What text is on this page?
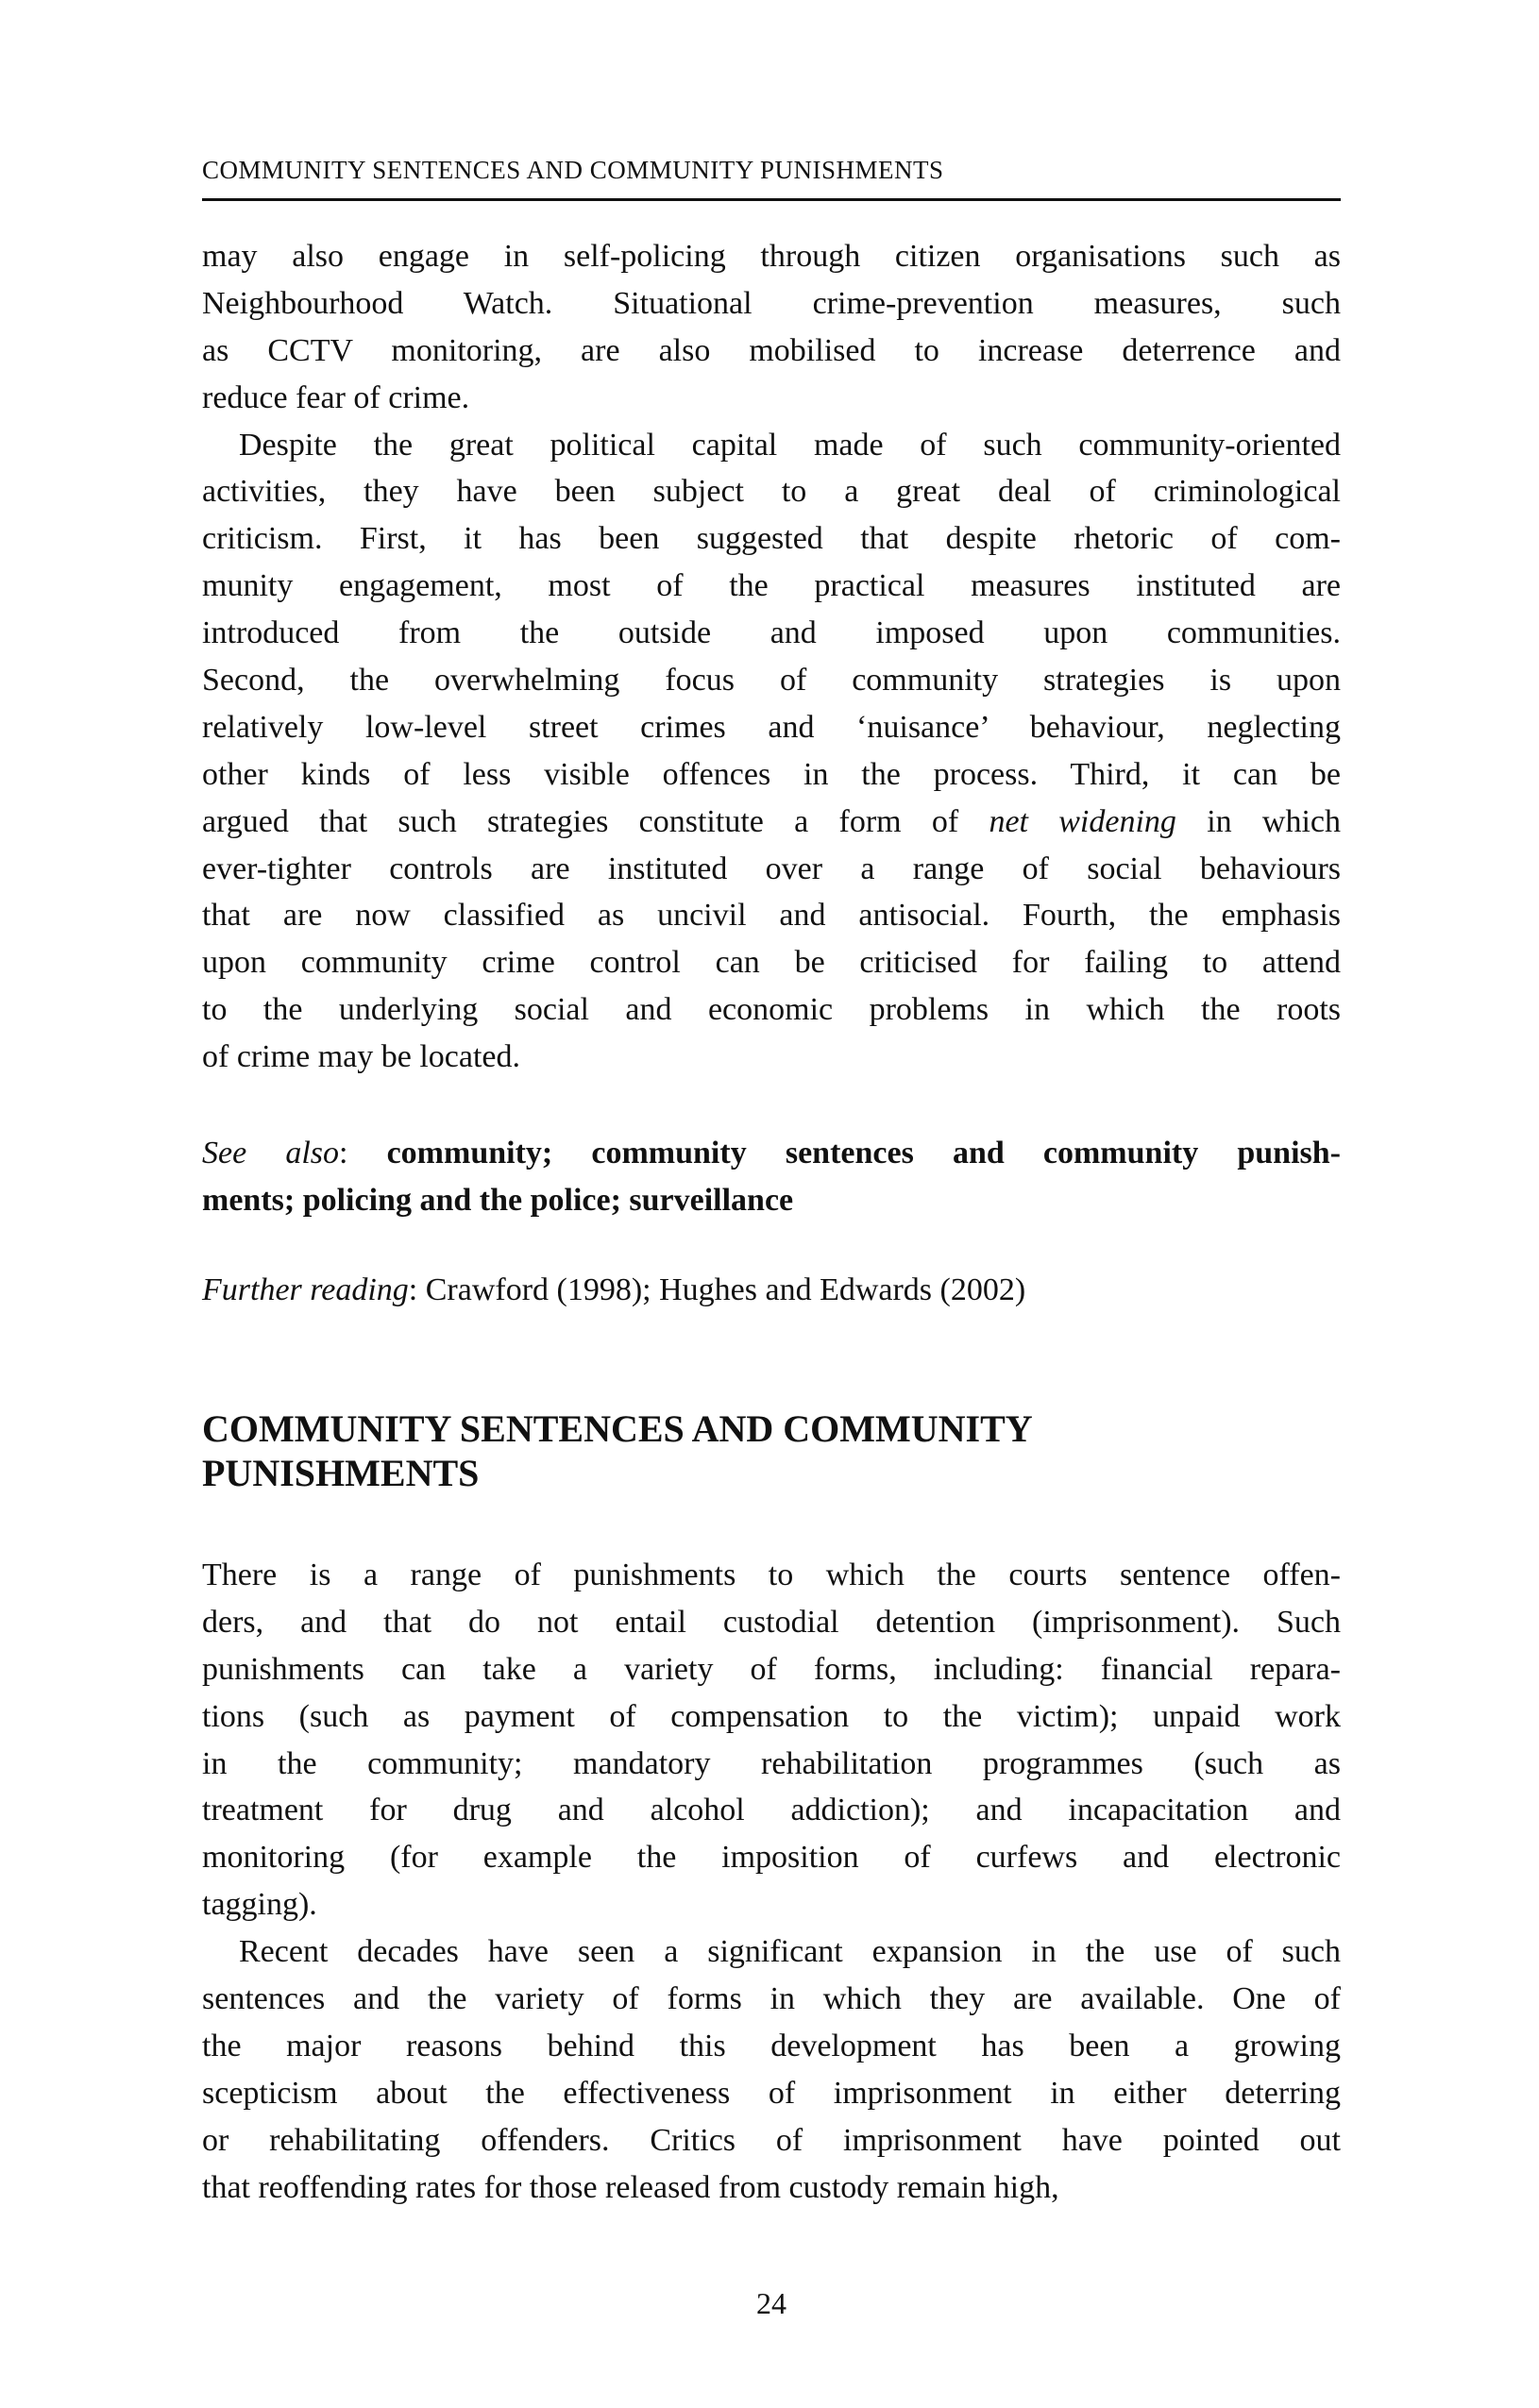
COMMUNITY SENTENCES AND COMMUNITY PUNISHMENTS
may also engage in self-policing through citizen organisations such as
Neighbourhood Watch. Situational crime-prevention measures, such
as CCTV monitoring, are also mobilised to increase deterrence and
reduce fear of crime.
Despite the great political capital made of such community-oriented
activities, they have been subject to a great deal of criminological
criticism. First, it has been suggested that despite rhetoric of com-
munity engagement, most of the practical measures instituted are
introduced from the outside and imposed upon communities.
Second, the overwhelming focus of community strategies is upon
relatively low-level street crimes and ‘nuisance’ behaviour, neglecting
other kinds of less visible offences in the process. Third, it can be
argued that such strategies constitute a form of net widening in which
ever-tighter controls are instituted over a range of social behaviours
that are now classified as uncivil and antisocial. Fourth, the emphasis
upon community crime control can be criticised for failing to attend
to the underlying social and economic problems in which the roots
of crime may be located.
See also: community; community sentences and community punish-
ments; policing and the police; surveillance
Further reading: Crawford (1998); Hughes and Edwards (2002)
COMMUNITY SENTENCES AND COMMUNITY
PUNISHMENTS
There is a range of punishments to which the courts sentence offen-
ders, and that do not entail custodial detention (imprisonment). Such
punishments can take a variety of forms, including: financial repara-
tions (such as payment of compensation to the victim); unpaid work
in the community; mandatory rehabilitation programmes (such as
treatment for drug and alcohol addiction); and incapacitation and
monitoring (for example the imposition of curfews and electronic
tagging).
Recent decades have seen a significant expansion in the use of such
sentences and the variety of forms in which they are available. One of
the major reasons behind this development has been a growing
scepticism about the effectiveness of imprisonment in either deterring
or rehabilitating offenders. Critics of imprisonment have pointed out
that reoffending rates for those released from custody remain high,
24
